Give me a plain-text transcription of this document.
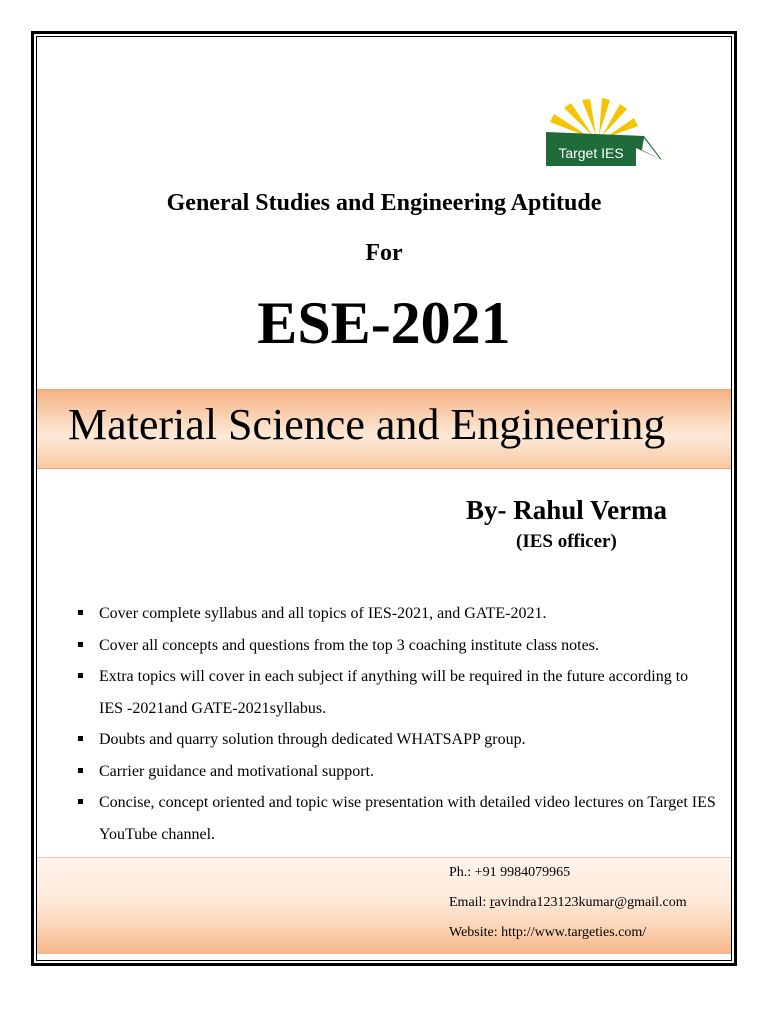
Target IES
General Studies and Engineering Aptitude
For
ESE-2021
Material Science and Engineering
By- Rahul Verma
(IES officer)
Cover complete syllabus and all topics of IES-2021, and GATE-2021.
Cover all concepts and questions from the top 3 coaching institute class notes.
Extra topics will cover in each subject if anything will be required in the future according to IES -2021and GATE-2021syllabus.
Doubts and quarry solution through dedicated WHATSAPP group.
Carrier guidance and motivational support.
Concise, concept oriented and topic wise presentation with detailed video lectures on Target IES YouTube channel.
Ph.: +91 9984079965
Email: ravindra123123kumar@gmail.com
Website: http://www.targeties.com/
